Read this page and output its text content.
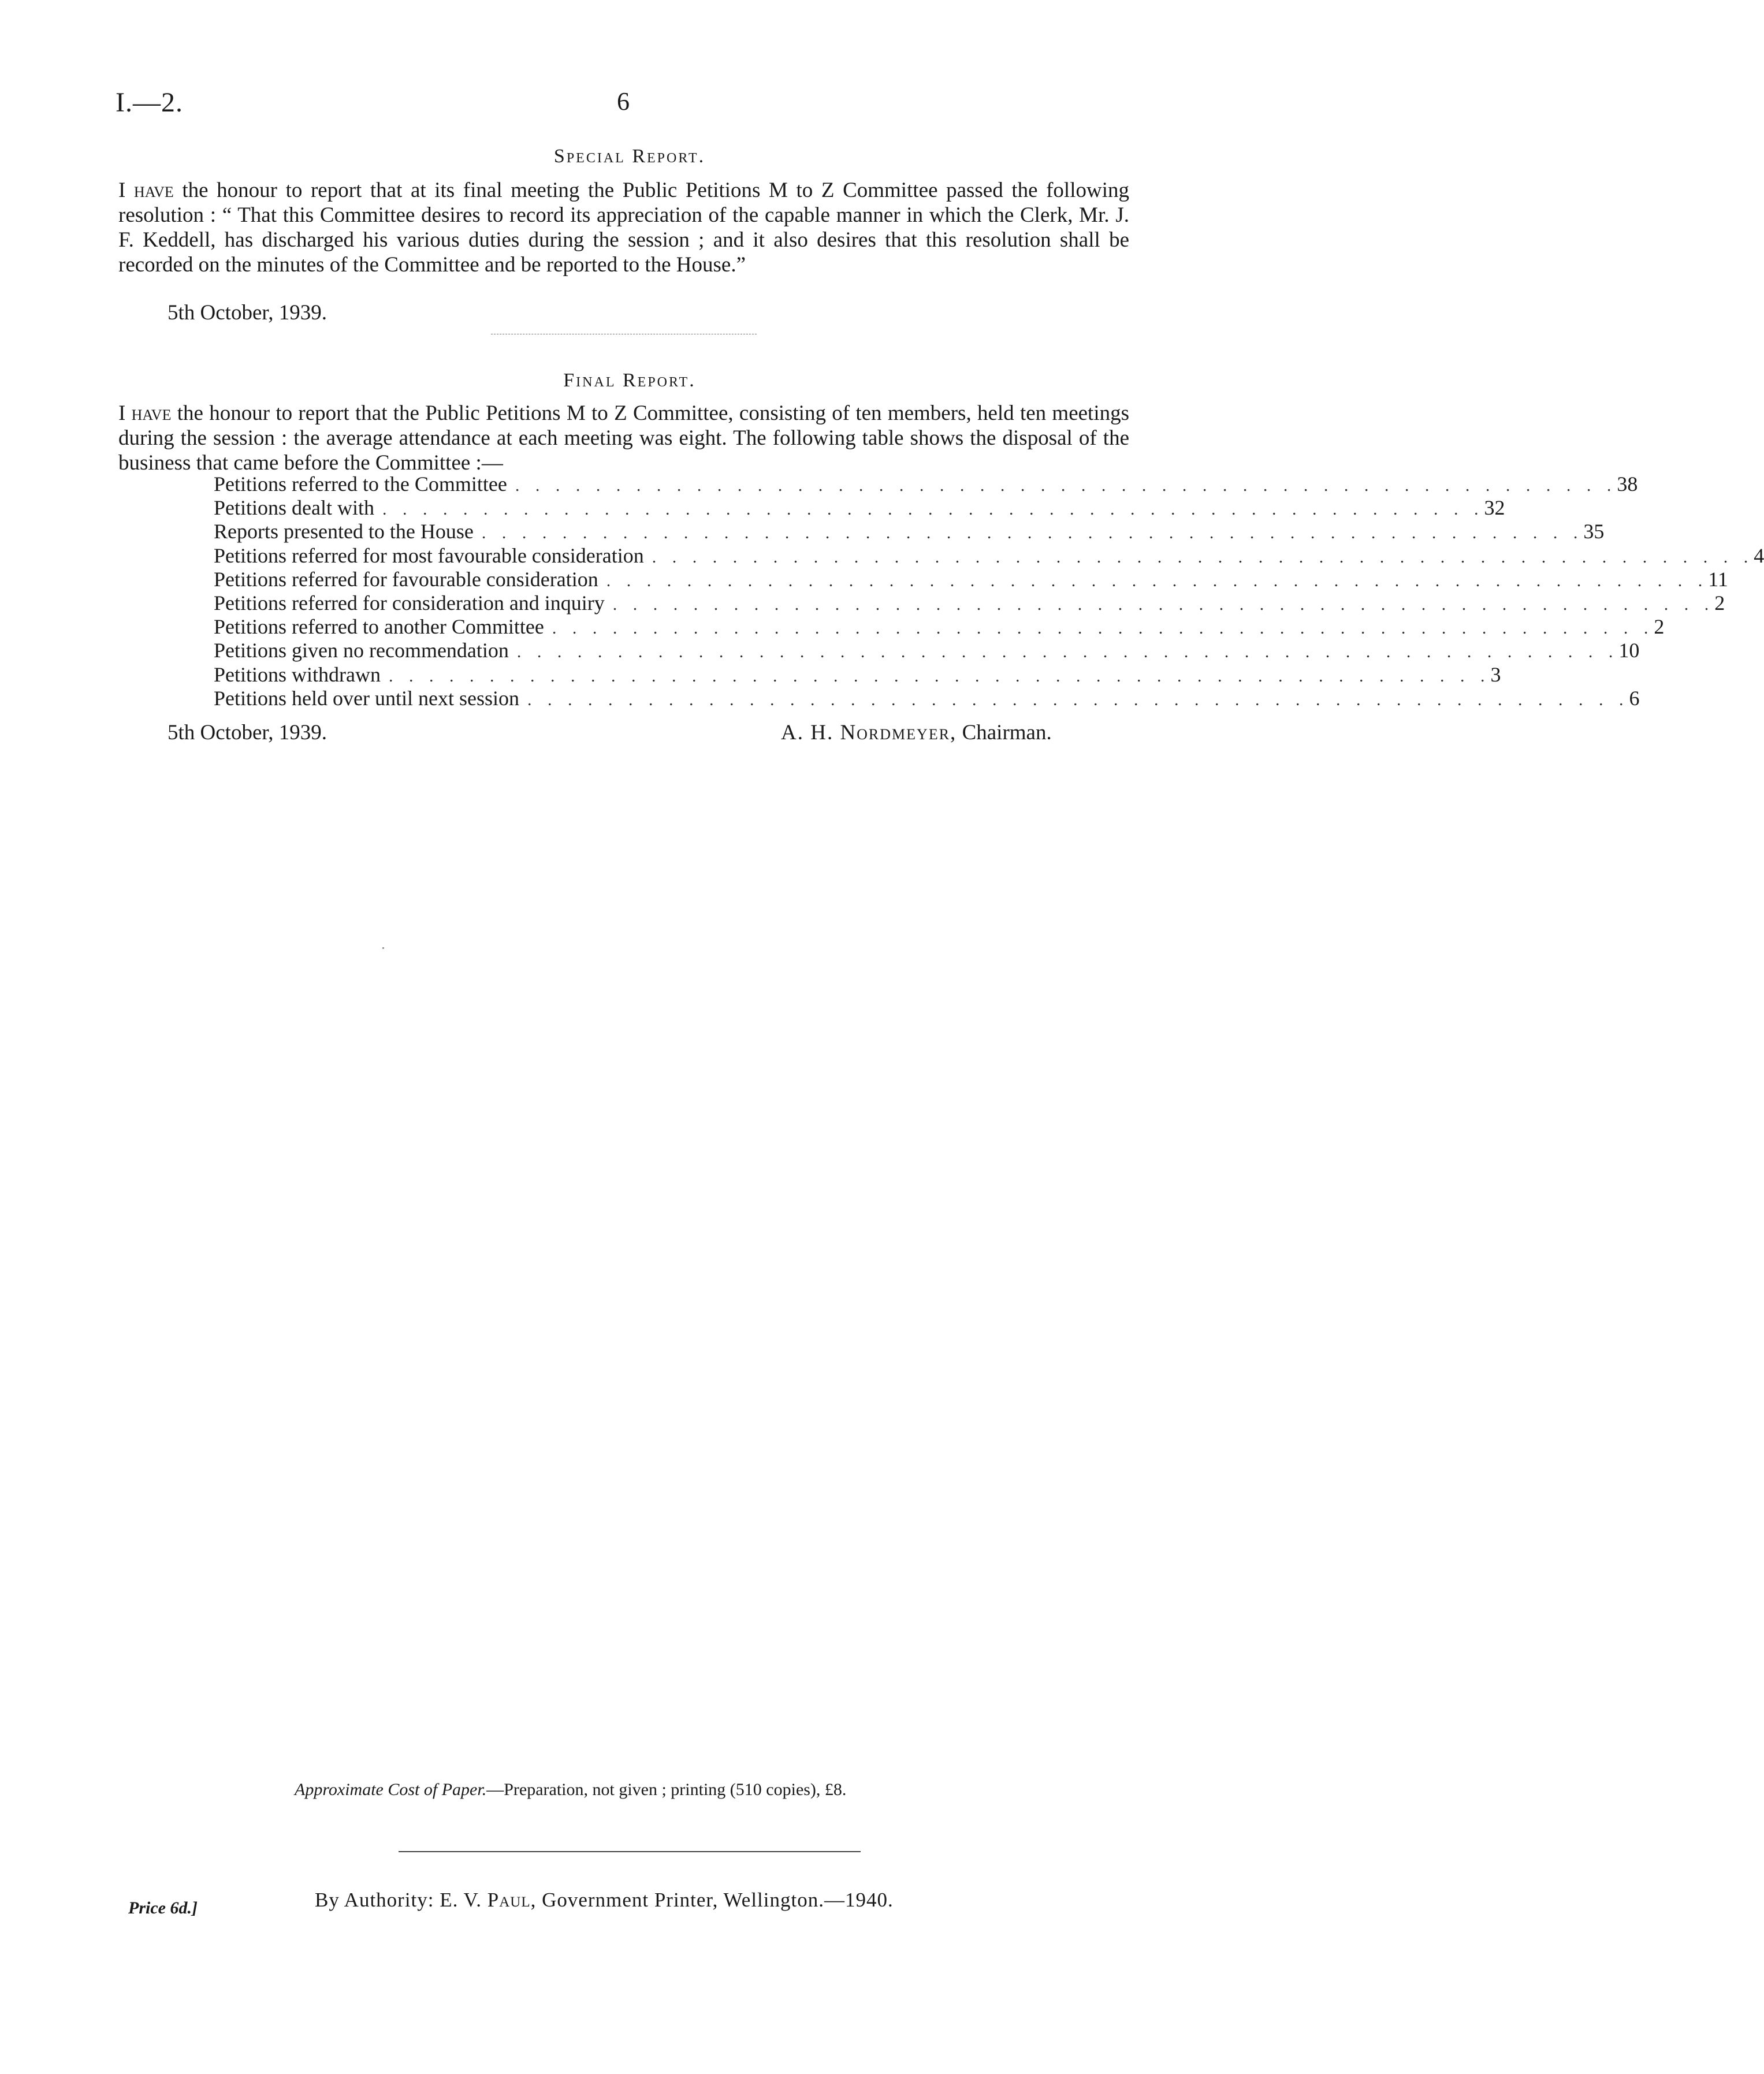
I.—2.	6
Special Report.
I have the honour to report that at its final meeting the Public Petitions M to Z Committee passed the following resolution : “ That this Committee desires to record its appreciation of the capable manner in which the Clerk, Mr. J. F. Keddell, has discharged his various duties during the session ; and it also desires that this resolution shall be recorded on the minutes of the Committee and be reported to the House.”
5th October, 1939.
Final Report.
I have the honour to report that the Public Petitions M to Z Committee, consisting of ten members, held ten meetings during the session : the average attendance at each meeting was eight. The following table shows the disposal of the business that came before the Committee :—
Petitions referred to the Committee . . . . . . . . . . . . . . . . . . . . . . . . . . . . . . . . . . . . . . . . . . . . . . . . . . . . . . . 38
Petitions dealt with . . . . . . . . . . . . . . . . . . . . . . . . . . . . . . . . . . . . . . . . . . . . . . . . . . . . . . . 32
Reports presented to the House . . . . . . . . . . . . . . . . . . . . . . . . . . . . . . . . . . . . . . . . . . . . . . . . . . . . . . . 35
Petitions referred for most favourable consideration . . . . . . . . . . . . . . . . . . . . . . . . . . . . . . . . . . . . . . . . . . . . . . . . . . . . . . . 4
Petitions referred for favourable consideration . . . . . . . . . . . . . . . . . . . . . . . . . . . . . . . . . . . . . . . . . . . . . . . . . . . . . . . 11
Petitions referred for consideration and inquiry . . . . . . . . . . . . . . . . . . . . . . . . . . . . . . . . . . . . . . . . . . . . . . . . . . . . . . . 2
Petitions referred to another Committee . . . . . . . . . . . . . . . . . . . . . . . . . . . . . . . . . . . . . . . . . . . . . . . . . . . . . . . 2
Petitions given no recommendation . . . . . . . . . . . . . . . . . . . . . . . . . . . . . . . . . . . . . . . . . . . . . . . . . . . . . . . 10
Petitions withdrawn . . . . . . . . . . . . . . . . . . . . . . . . . . . . . . . . . . . . . . . . . . . . . . . . . . . . . . . 3
Petitions held over until next session . . . . . . . . . . . . . . . . . . . . . . . . . . . . . . . . . . . . . . . . . . . . . . . . . . . . . . . 6
5th October, 1939.	A. H. Nordmeyer, Chairman.
Approximate Cost of Paper.—Preparation, not given ; printing (510 copies), £8.
By Authority: E. V. Paul, Government Printer, Wellington.—1940.
Price 6d.]
